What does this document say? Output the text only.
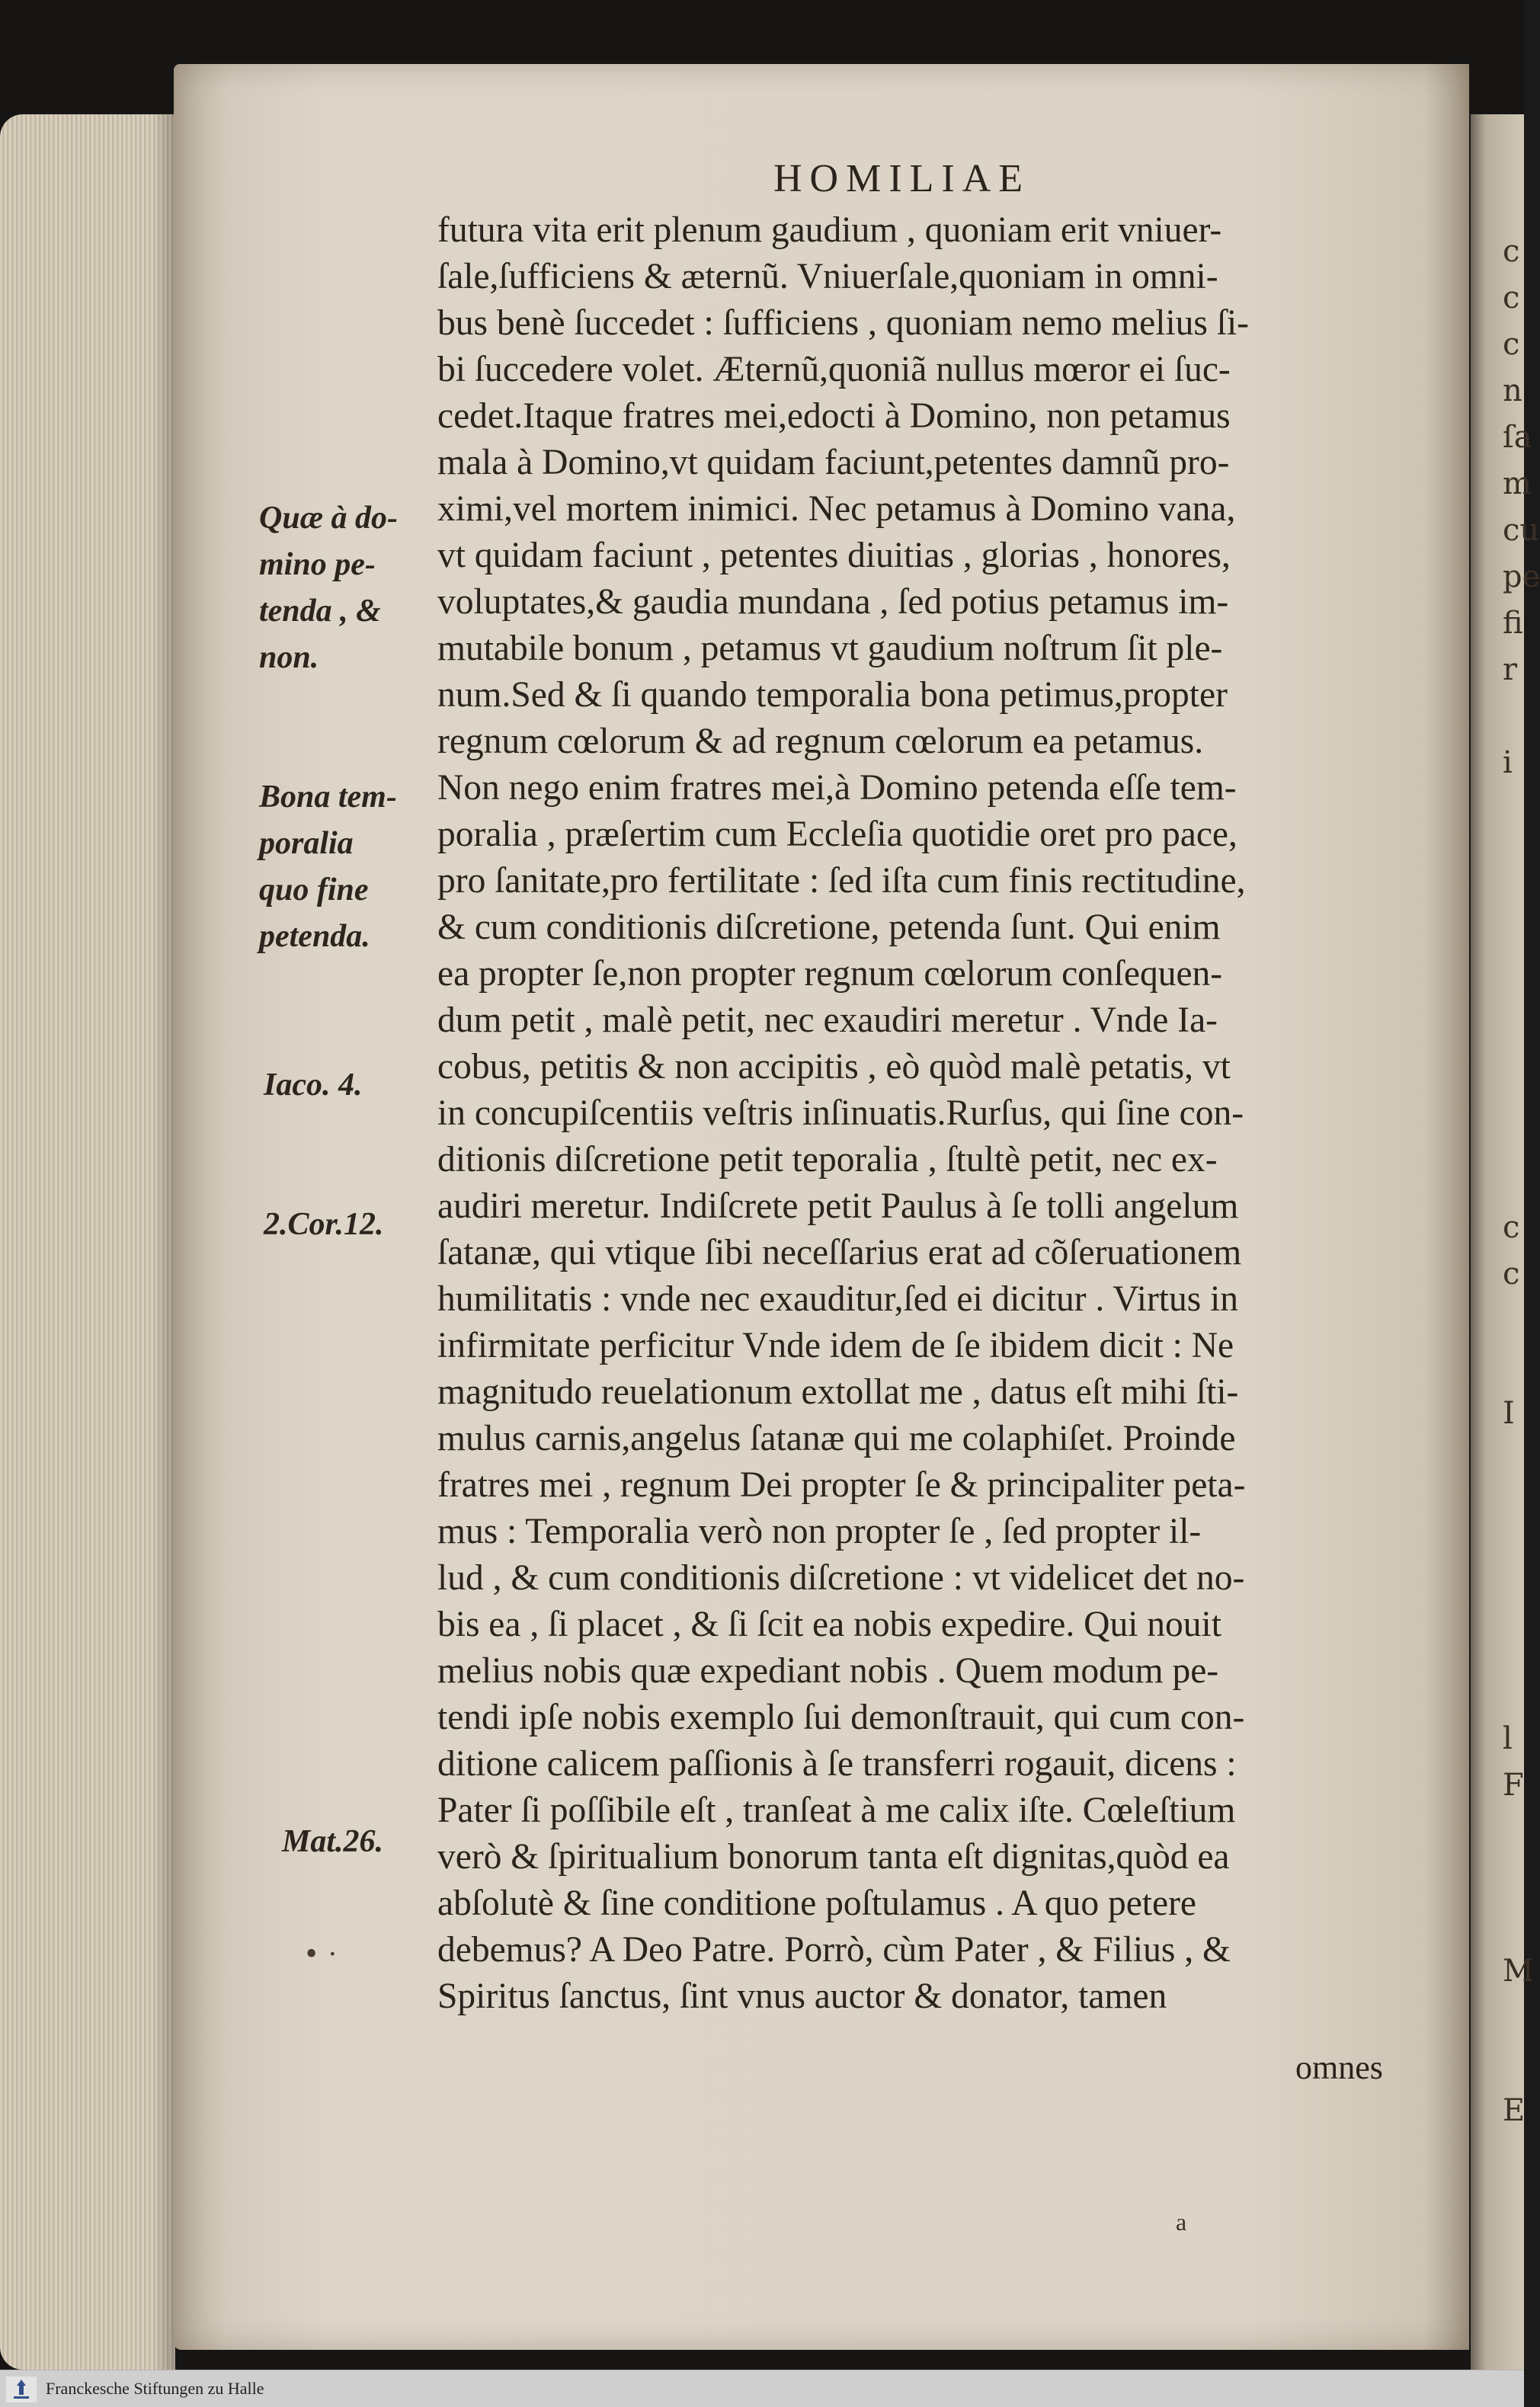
c
c
c
n
ſa
m
cu
pe
fi
r

i

c
c

I

l
F

M

E
HOMILIAE
futura vita erit plenum gaudium , quoniam erit vniuer-
ſale,ſufficiens & æternũ. Vniuerſale,quoniam in omni-
bus benè ſuccedet : ſufficiens , quoniam nemo melius ſi-
bi ſuccedere volet. Æternũ,quoniã nullus mœror ei ſuc-
cedet.Itaque fratres mei,edocti à Domino, non petamus
mala à Domino,vt quidam faciunt,petentes damnũ pro-
ximi,vel mortem inimici. Nec petamus à Domino vana,
vt quidam faciunt , petentes diuitias , glorias , honores,
voluptates,& gaudia mundana , ſed potius petamus im-
mutabile bonum , petamus vt gaudium noſtrum ſit ple-
num.Sed & ſi quando temporalia bona petimus,propter
regnum cœlorum & ad regnum cœlorum ea petamus.
Non nego enim fratres mei,à Domino petenda eſſe tem-
poralia , præſertim cum Eccleſia quotidie oret pro pace,
pro ſanitate,pro fertilitate : ſed iſta cum finis rectitudine,
& cum conditionis diſcretione, petenda ſunt. Qui enim
ea propter ſe,non propter regnum cœlorum conſequen-
dum petit , malè petit, nec exaudiri meretur . Vnde Ia-
cobus, petitis & non accipitis , eò quòd malè petatis, vt
in concupiſcentiis veſtris inſinuatis.Rurſus, qui ſine con-
ditionis diſcretione petit teporalia , ſtultè petit, nec ex-
audiri meretur. Indiſcrete petit Paulus à ſe tolli angelum
ſatanæ, qui vtique ſibi neceſſarius erat ad cõſeruationem
humilitatis : vnde nec exauditur,ſed ei dicitur . Virtus in
infirmitate perficitur Vnde idem de ſe ibidem dicit : Ne
magnitudo reuelationum extollat me , datus eſt mihi ſti-
mulus carnis,angelus ſatanæ qui me colaphiſet. Proinde
fratres mei , regnum Dei propter ſe & principaliter peta-
mus : Temporalia verò non propter ſe , ſed propter il-
lud , & cum conditionis diſcretione : vt videlicet det no-
bis ea , ſi placet , & ſi ſcit ea nobis expedire. Qui nouit
melius nobis quæ expediant nobis . Quem modum pe-
tendi ipſe nobis exemplo ſui demonſtrauit, qui cum con-
ditione calicem paſſionis à ſe transferri rogauit, dicens :
Pater ſi poſſibile eſt , tranſeat à me calix iſte. Cœleſtium
verò & ſpiritualium bonorum tanta eſt dignitas,quòd ea
abſolutè & ſine conditione poſtulamus . A quo petere
debemus? A Deo Patre. Porrò, cùm Pater , & Filius , &
Spiritus ſanctus, ſint vnus auctor & donator, tamen
Quæ à do-
mino pe-
tenda , &
non.
Bona tem-
poralia
quo fine
petenda.
Iaco. 4.
2.Cor.12.
Mat.26.
• ·
omnes
a
Franckesche Stiftungen zu Halle
